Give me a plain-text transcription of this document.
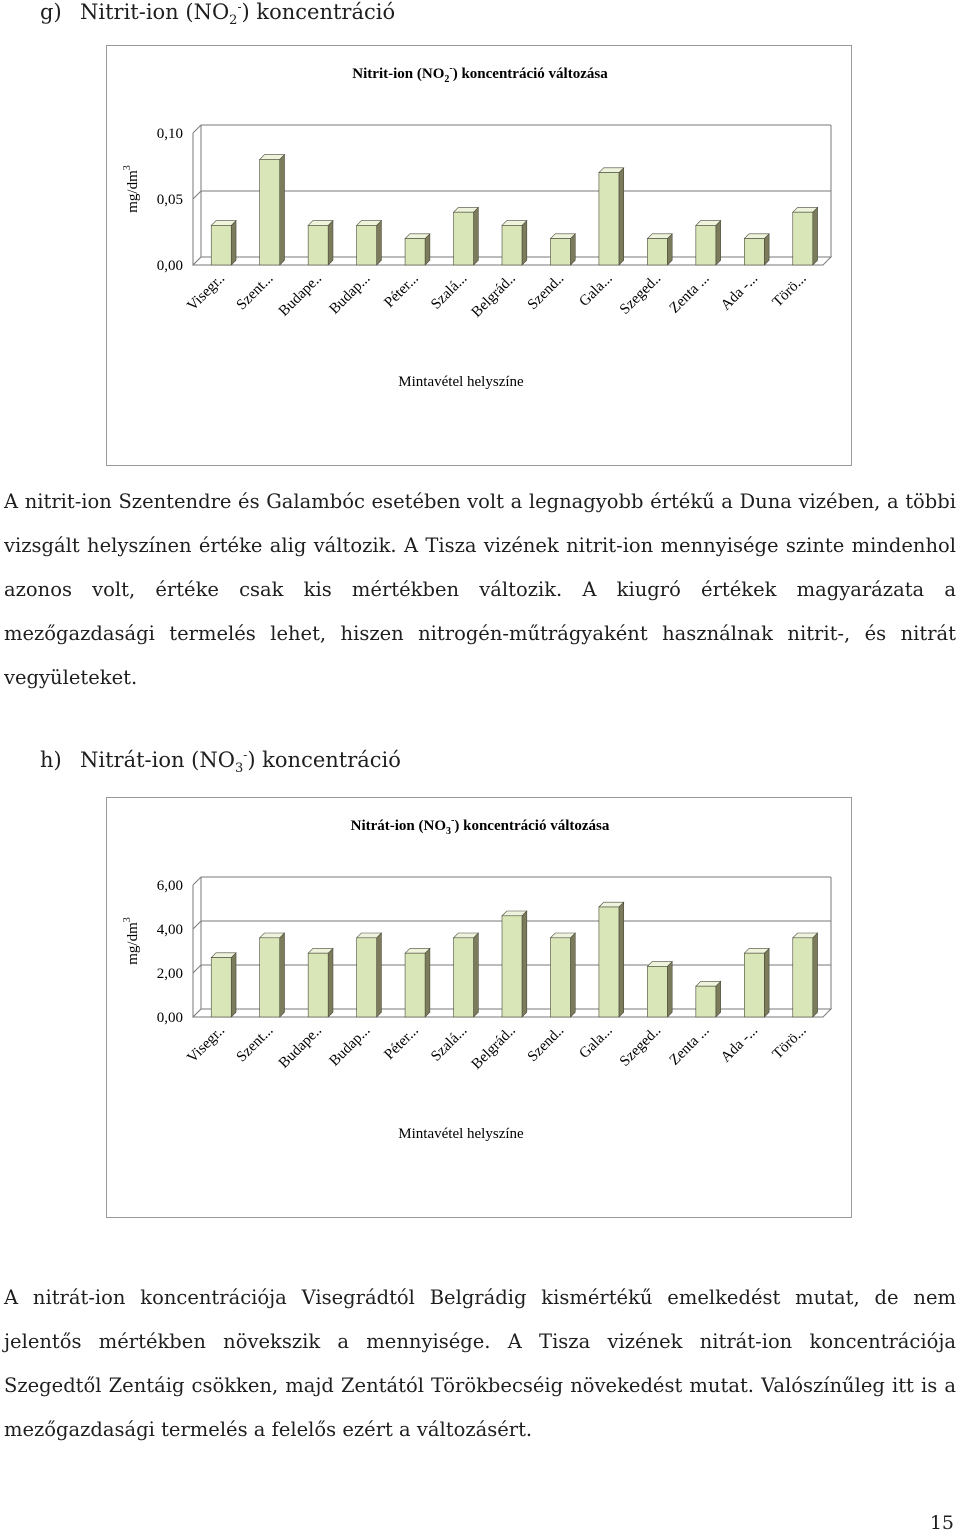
g) Nitrit-ion $(NO_2^-)$ koncentráció
Nitrit-ion $(NO_2^-)$ koncentráció változása
0,00
0,05
0,10
Visegr.. Szent... Budape.. Budap... Péter... Szalá...
Belgrád.. Szend.. Gala... Szeged.. Zenta ... Ada -... Törö...
$mg/dm^3$
Mintavétel helyszíne
A nitrit-ion Szentendre és Galambóc esetében volt a legnagyobb értékű a Duna vizében, a többi vizsgált helyszínen értéke alig változik. A Tisza vizének nitrit-ion mennyisége szinte mindenhol azonos volt, értéke csak kis mértékben változik. A kiugró értékek magyarázata a mezőgazdasági termelés lehet, hiszen nitrogén-műtrágyaként használnak nitrit-, és nitrát vegyületeket.
h) Nitrát-ion $(NO_3^-)$ koncentráció
Nitrát-ion $(NO_3^-)$ koncentráció változása
0,00
2,00
4,00
6,00
Visegr.. Szent... Budape.. Budap... Péter... Szalá...
Belgrád.. Szend.. Gala... Szeged.. Zenta ... Ada -... Törö...
$mg/dm^3$
Mintavétel helyszíne
A nitrát-ion koncentrációja Visegrádtól Belgrádig kismértékű emelkedést mutat, de nem jelentős mértékben növekszik a mennyisége. A Tisza vizének nitrát-ion koncentrációja Szegedtől Zentáig csökken, majd Zentától Törökbecséig növekedést mutat. Valószínűleg itt is a mezőgazdasági termelés a felelős ezért a változásért.
15
